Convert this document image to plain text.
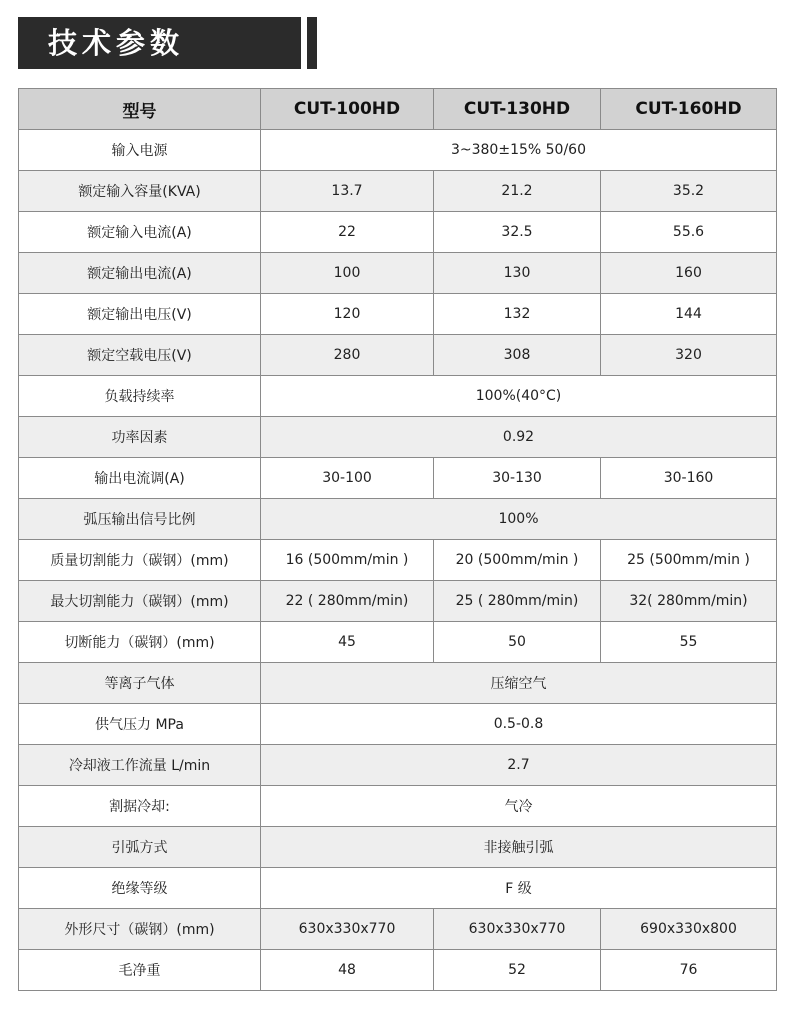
技术参数
型号	CUT-100HD	CUT-130HD	CUT-160HD
输入电源	3~380±15% 50/60		
额定输入容量(KVA)	13.7	21.2	35.2
额定输入电流(A)	22	32.5	55.6
额定输出电流(A)	100	130	160
额定输出电压(V)	120	132	144
额定空载电压(V)	280	308	320
负载持续率	100%(40°C)		
功率因素	0.92		
输出电流调(A)	30-100	30-130	30-160
弧压输出信号比例	100%		
质量切割能力（碳钢）(mm)	16 (500mm/min )	20 (500mm/min )	25 (500mm/min )
最大切割能力（碳钢）(mm)	22 ( 280mm/min)	25 ( 280mm/min)	32( 280mm/min)
切断能力（碳钢）(mm)	45	50	55
等离子气体	压缩空气		
供气压力 MPa	0.5-0.8		
冷却液工作流量 L/min	2.7		
割据冷却:	气冷		
引弧方式	非接触引弧		
绝缘等级	F 级		
外形尺寸（碳钢）(mm)	630x330x770	630x330x770	690x330x800
毛净重	48	52	76
